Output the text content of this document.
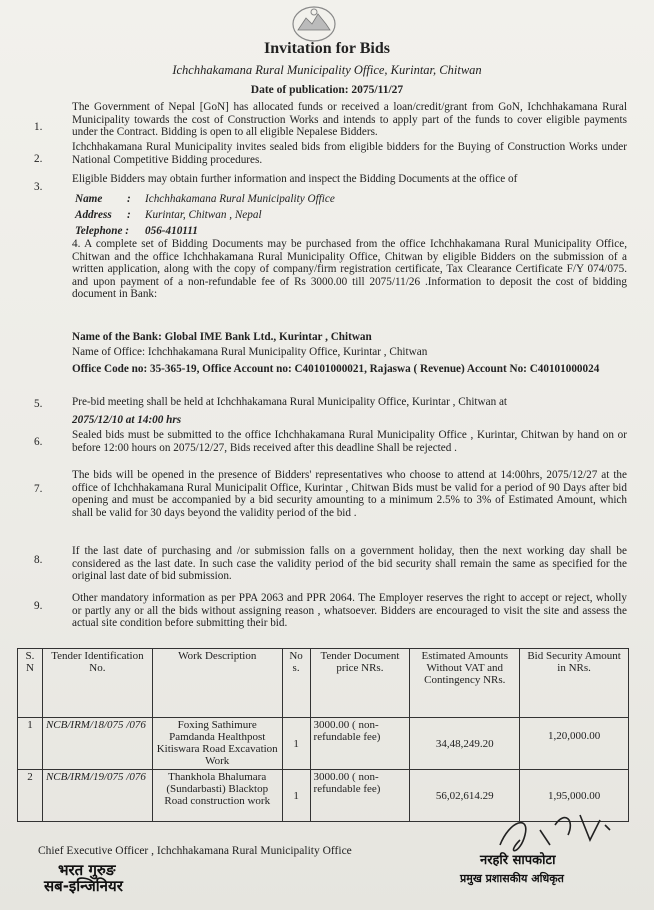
Invitation for Bids
Ichchhakamana Rural Municipality Office, Kurintar, Chitwan
Date of publication: 2075/11/27
1.
The Government of Nepal [GoN] has allocated funds or received a loan/credit/grant from GoN, Ichchhakamana Rural Municipality towards the cost of Construction Works and intends to apply part of the funds to cover eligible payments under the Contract. Bidding is open to all eligible Nepalese Bidders.
2.
Ichchhakamana Rural Municipality invites sealed bids from eligible bidders for the Buying of Construction Works under National Competitive Bidding procedures.
3.
Eligible Bidders may obtain further information and inspect the Bidding Documents at the office of
Name : Ichchhakamana Rural Municipality Office
Address : Kurintar, Chitwan , Nepal
Telephone : 056-410111
4. A complete set of Bidding Documents may be purchased from the office Ichchhakamana Rural Municipality Office, Chitwan and the office Ichchhakamana Rural Municipality Office, Chitwan by eligible Bidders on the submission of a written application, along with the copy of company/firm registration certificate, Tax Clearance Certificate F/Y 074/075. and upon payment of a non-refundable fee of Rs 3000.00 till 2075/11/26 .Information to deposit the cost of bidding document in Bank:
Name of the Bank: Global IME Bank Ltd., Kurintar , Chitwan
Name of Office: Ichchhakamana Rural Municipality Office, Kurintar , Chitwan
Office Code no: 35-365-19, Office Account no: C40101000021, Rajaswa ( Revenue) Account No: C40101000024
5.	Pre-bid meeting shall be held at Ichchhakamana Rural Municipality Office, Kurintar , Chitwan at
2075/12/10 at 14:00 hrs
6.
Sealed bids must be submitted to the office Ichchhakamana Rural Municipality Office , Kurintar, Chitwan by hand on or before 12:00 hours on 2075/12/27, Bids received after this deadline Shall be rejected .
7.
The bids will be opened in the presence of Bidders' representatives who choose to attend at 14:00hrs, 2075/12/27 at the office of Ichchhakamana Rural Municipalit Office, Kurintar , Chitwan Bids must be valid for a period of 90 Days after bid opening and must be accompanied by a bid security amounting to a minimum 2.5% to 3% of Estimated Amount, which shall be valid for 30 days beyond the validity period of the bid .
8.
If the last date of purchasing and /or submission falls on a government holiday, then the next working day shall be considered as the last date. In such case the validity period of the bid security shall remain the same as specified for the original last date of bid submission.
9.
Other mandatory information as per PPA 2063 and PPR 2064. The Employer reserves the right to accept or reject, wholly or partly any or all the bids without assigning reason , whatsoever. Bidders are encouraged to visit the site and assess the actual site condition before submitting their bid.
S. N	Tender Identification No.	Work Description	No s.	Tender Document price NRs.	Estimated Amounts Without VAT and Contingency NRs.	Bid Security Amount in NRs.
1	NCB/IRM/18/075 /076	Foxing Sathimure Pamdanda Healthpost Kitiswara Road Excavation Work	1	3000.00 ( non-refundable fee)	34,48,249.20	1,20,000.00
2	NCB/IRM/19/075 /076	Thankhola Bhalumara (Sundarbasti) Blacktop Road construction work	1	3000.00 ( non-refundable fee)	56,02,614.29	1,95,000.00
Chief Executive Officer , Ichchhakamana Rural Municipality Office
भरत गुरुङ
सब-इन्जिनियर
नरहरि सापकोटा
प्रमुख प्रशासकीय अधिकृत
